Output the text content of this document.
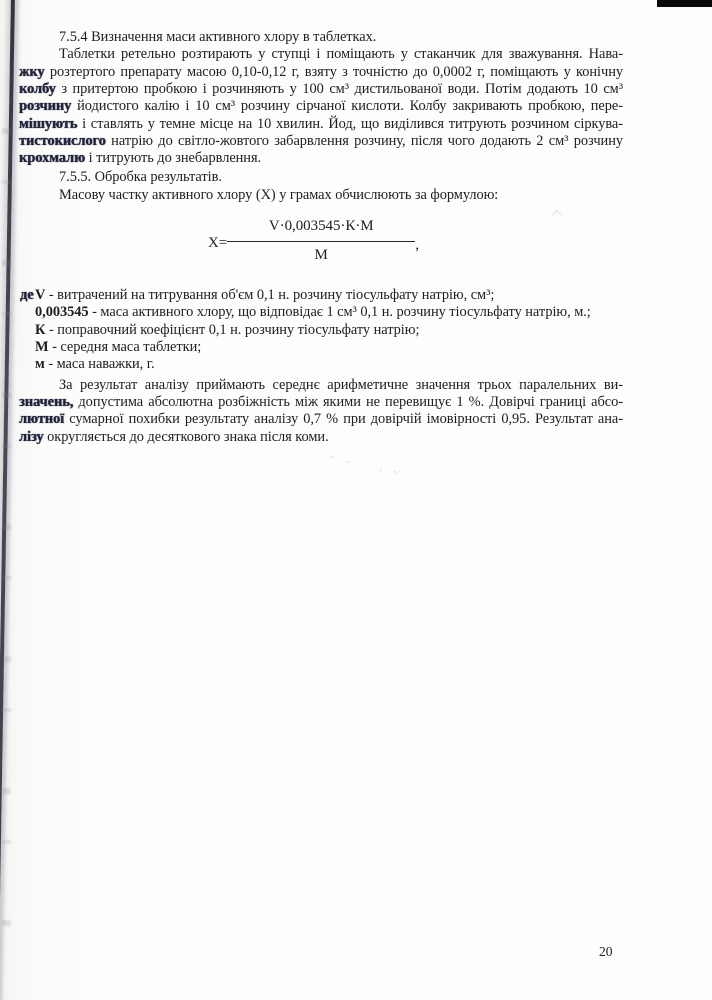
7.5.4 Визначення маси активного хлору в таблетках.
Таблетки ретельно розтирають у ступці і поміщають у стаканчик для зважування. Нава-
жку розтертого препарату масою 0,10-0,12 г, взяту з точністю до 0,0002 г, поміщають у конічну
колбу з притертою пробкою і розчиняють у 100 см³ дистильованої води. Потім додають 10 см³
розчину йодистого калію і 10 см³ розчину сірчаної кислоти. Колбу закривають пробкою, пере-
мішують і ставлять у темне місце на 10 хвилин. Йод, що виділився титрують розчином сіркува-
тистокислого натрію до світло-жовтого забарвлення розчину, після чого додають 2 см³ розчину
крохмалю і титрують до знебарвлення.
7.5.5. Обробка результатів.
Масову частку активного хлору (X) у грамах обчислюють за формулою:
$X= \frac{V\cdot 0,003545\cdot К\cdot М}{М}$ ,
де V - витрачений на титрування об'єм 0,1 н. розчину тіосульфату натрію, см³;
0,003545 - маса активного хлору, що відповідає 1 см³ 0,1 н. розчину тіосульфату натрію, м.;
К - поправочний коефіцієнт 0,1 н. розчину тіосульфату натрію;
М - середня маса таблетки;
м - маса наважки, г.
За результат аналізу приймають середнє арифметичне значення трьох паралельних ви-
значень, допустима абсолютна розбіжність між якими не перевищує 1 %. Довірчі границі абсо-
лютної сумарної похибки результату аналізу 0,7 % при довірчій імовірності 0,95. Результат ана-
лізу округляється до десяткового знака після коми.
20
